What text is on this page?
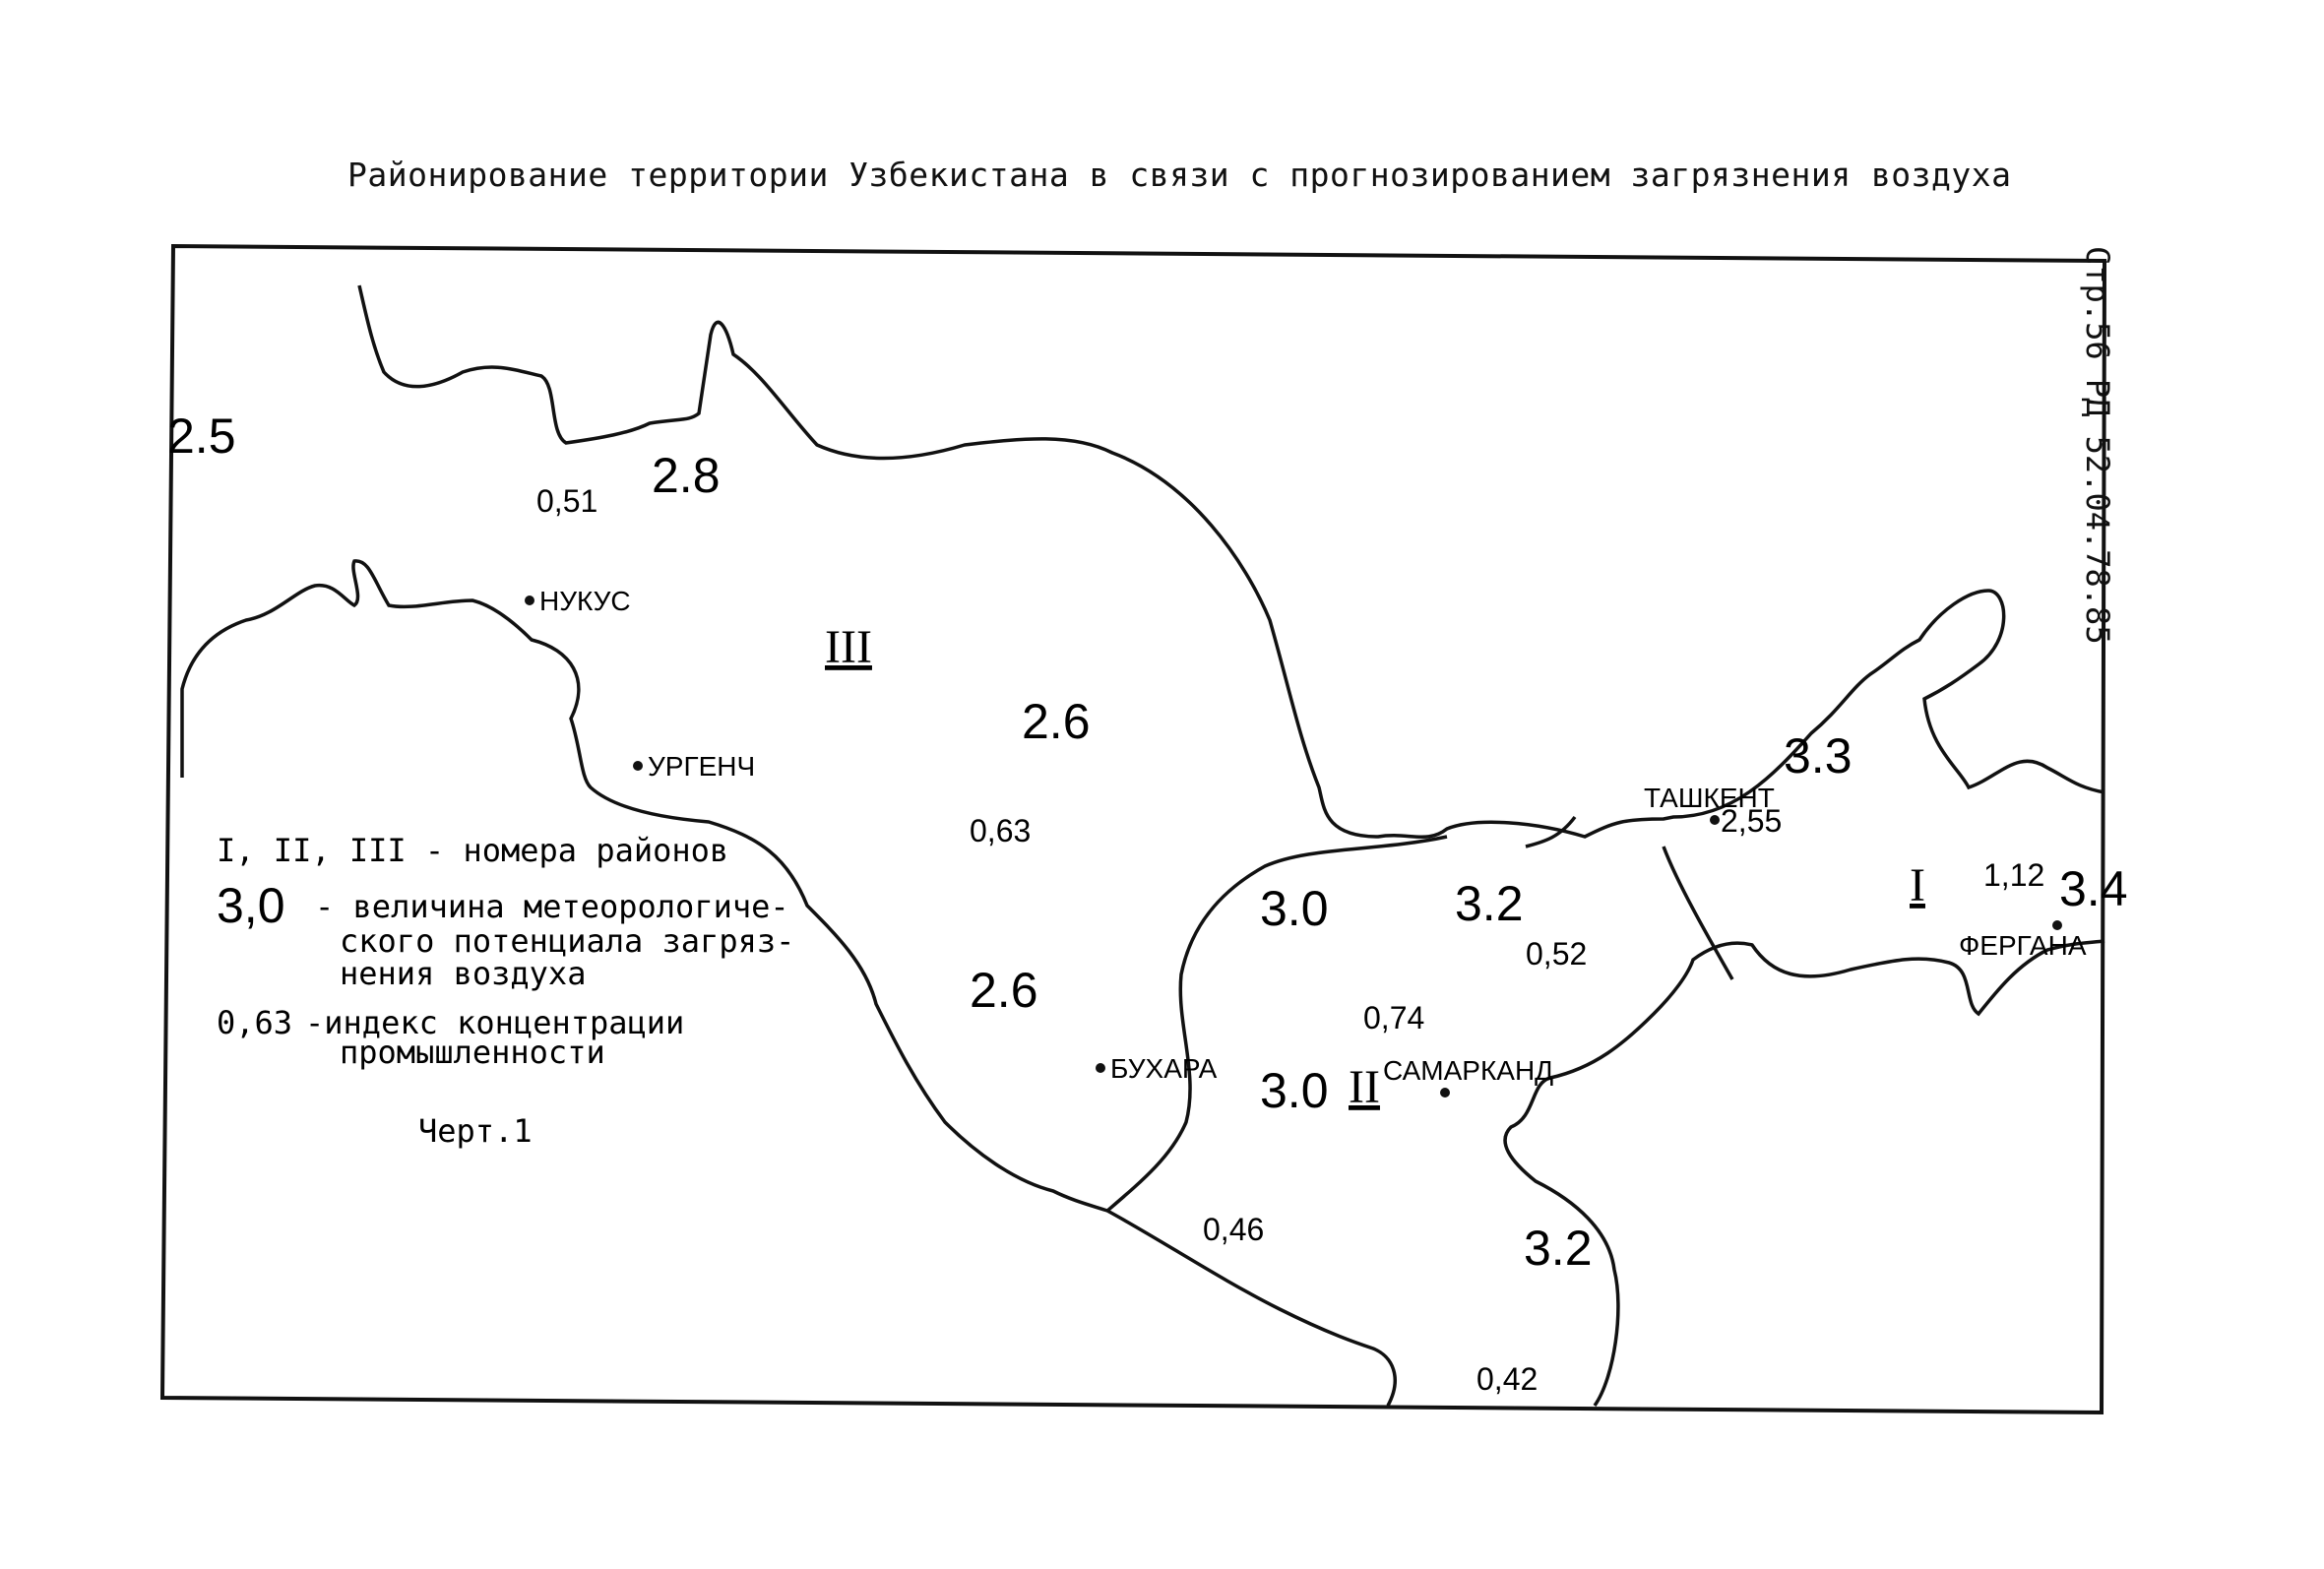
Районирование территории Узбекистана в связи с прогнозированием загрязнения воздуха
Стр.56 РД 52.04.78.85
I, II, III - номера районов
3,0 - величина метеорологиче-
ского потенциала загряз-
нения воздуха
0,63 -индекс концентрации
промышленности
Черт.1
III
II
I
2.5
2.8
2.6
2.6
3.0
3.0
3.2
3.2
3.3
3.4
0,51
0,63
0,52
0,74
0,46
0,42
2,55
1,12
НУКУС
УРГЕНЧ
БУХАРА	САМАРКАНД
ТАШКЕНТ
ФЕРГАНА
